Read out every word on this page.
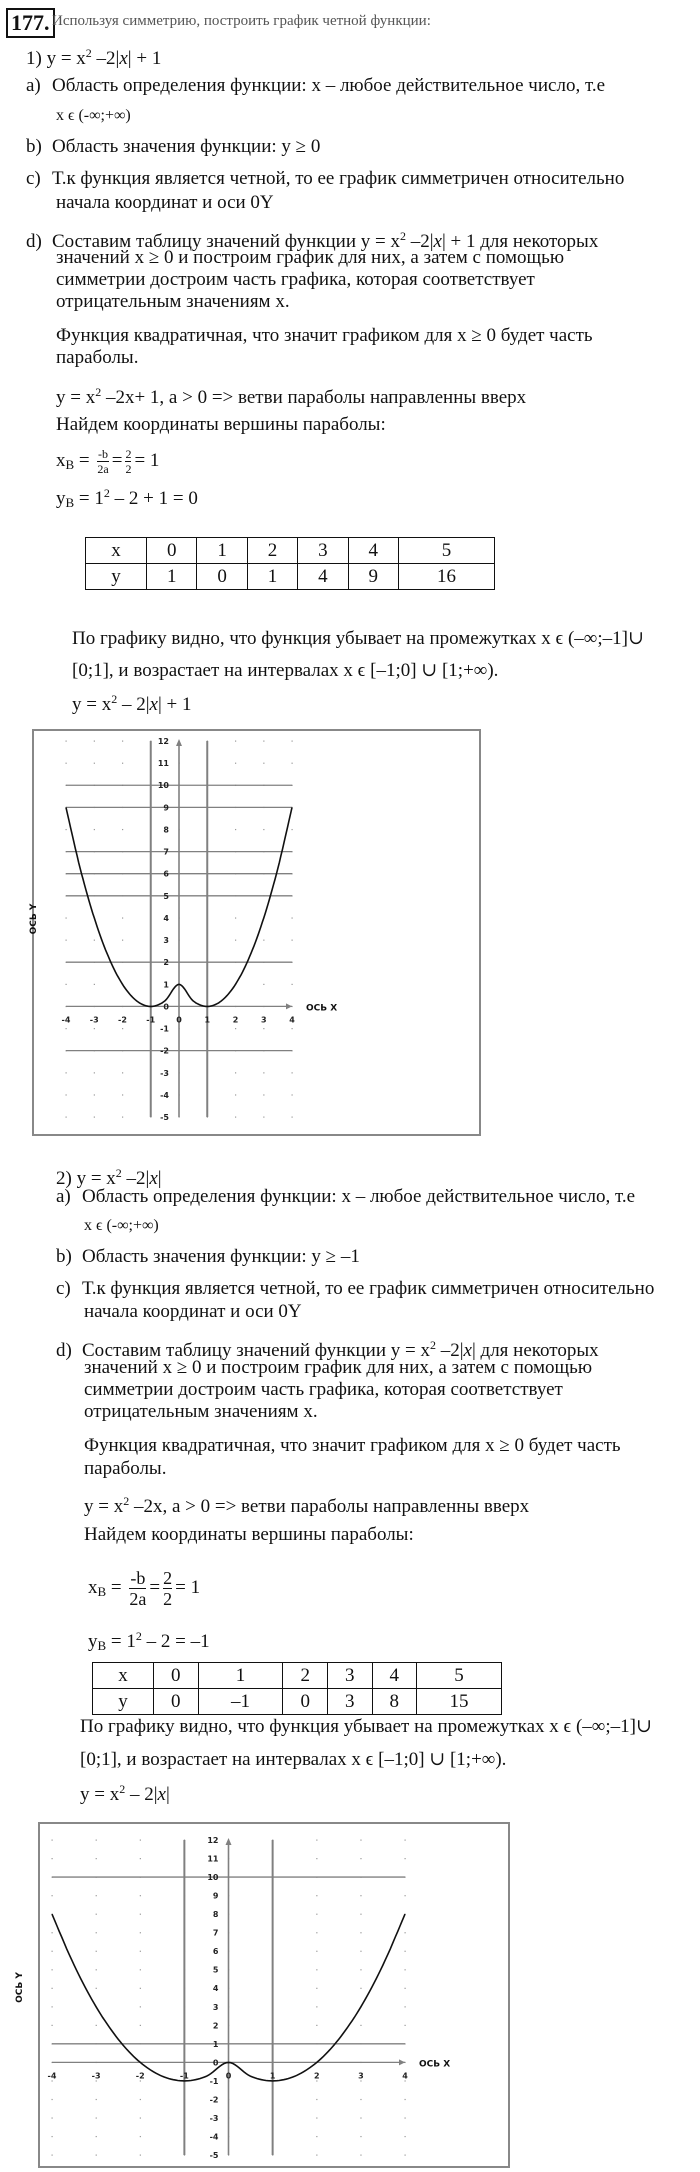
177. Используя симметрию, построить график четной функции:
1) $y = x^2$ –2|x| + 1
a) Область определения функции: х – любое действительное число, т.е
х ϵ (-∞;+∞)
b) Область значения функции: у ≥ 0
c) Т.к функция является четной, то ее график симметричен относительно
начала координат и оси 0Y
d) Составим таблицу значений функции $у = х^2$ –2|x| + 1 для некоторых
значений х ≥ 0 и построим график для них, а затем с помощью
симметрии достроим часть графика, которая соответствует
отрицательным значениям х.
Функция квадратичная, что значит графиком для х ≥ 0 будет часть
параболы.
$у = х^2$ –2х+ 1, а > 0 => ветви параболы направленны вверх
Найдем координаты вершины параболы:
$x_B = \frac{-b}{2a} = \frac{2}{2} = 1$
$y_B = 1^2 - 2 + 1 = 0$
х	0	1	2	3	4	5
у	1	0	1	4	9	16
По графику видно, что функция убывает на промежутках х ϵ (–∞;–1]∪
[0;1], и возрастает на интервалах х ϵ [–1;0] ∪ [1;+∞).
$у = х^2 - 2|x| + 1$
12
11
10
9
8
7
6
5
4
3
2
1
0
-1
-2
-3
-4
-5
-4 -3 -2 -1	0	1	2	3	4
ОСЬ X
ОСЬ Y
2) $y = x^2$ –2|x|
a) Область определения функции: х – любое действительное число, т.е
х ϵ (-∞;+∞)
b) Область значения функции: у ≥ –1
c) Т.к функция является четной, то ее график симметричен относительно
начала координат и оси 0Y
d) Составим таблицу значений функции $у = х^2$ –2|x| для некоторых
значений х ≥ 0 и построим график для них, а затем с помощью
симметрии достроим часть графика, которая соответствует
отрицательным значениям х.
Функция квадратичная, что значит графиком для х ≥ 0 будет часть
параболы.
$у = х^2$ –2х, а > 0 => ветви параболы направленны вверх
Найдем координаты вершины параболы:
$x_B = \frac{-b}{2a} = \frac{2}{2} = 1$
$y_B = 1^2 - 2 = -1$
х	0	1	2	3	4	5
у	0	–1	0	3	8	15
По графику видно, что функция убывает на промежутках х ϵ (–∞;–1]∪
[0;1], и возрастает на интервалах х ϵ [–1;0] ∪ [1;+∞).
$у = х^2 - 2|x|$
12
11
10
9
8
7
6
5
4
3
2
1
0
-1
-2
-3
-4
-5
-4	-3	-2	-1	0	1	2	3	4
ОСЬ X
ОСЬ Y
